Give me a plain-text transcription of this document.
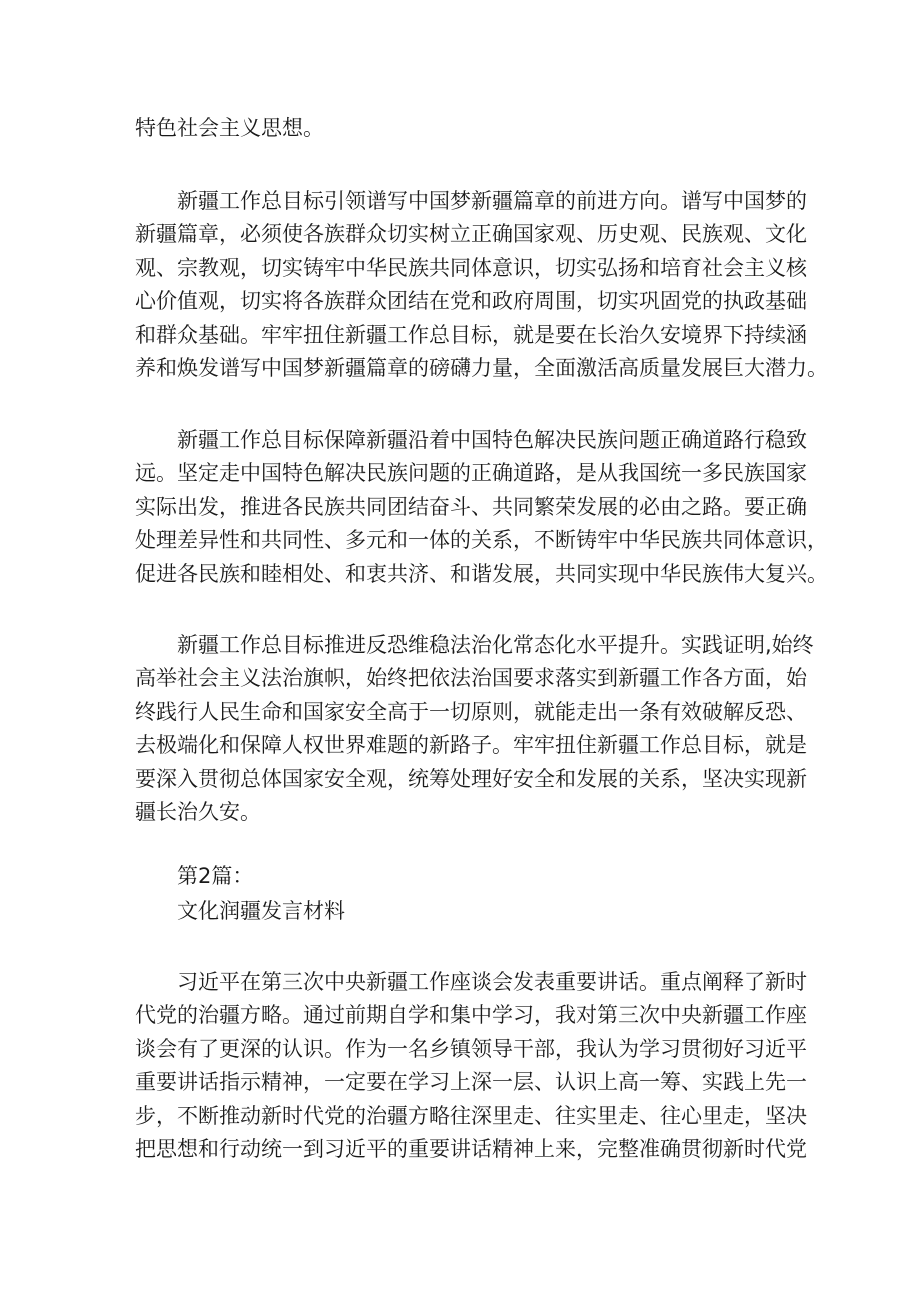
特色社会主义思想。
新疆工作总目标引领谱写中国梦新疆篇章的前进方向。谱写中国梦的
新疆篇章，必须使各族群众切实树立正确国家观、历史观、民族观、文化
观、宗教观，切实铸牢中华民族共同体意识，切实弘扬和培育社会主义核
心价值观，切实将各族群众团结在党和政府周围，切实巩固党的执政基础
和群众基础。牢牢扭住新疆工作总目标，就是要在长治久安境界下持续涵
养和焕发谱写中国梦新疆篇章的磅礴力量，全面激活高质量发展巨大潜力。
新疆工作总目标保障新疆沿着中国特色解决民族问题正确道路行稳致
远。坚定走中国特色解决民族问题的正确道路，是从我国统一多民族国家
实际出发，推进各民族共同团结奋斗、共同繁荣发展的必由之路。要正确
处理差异性和共同性、多元和一体的关系，不断铸牢中华民族共同体意识，
促进各民族和睦相处、和衷共济、和谐发展，共同实现中华民族伟大复兴。
新疆工作总目标推进反恐维稳法治化常态化水平提升。实践证明,始终
高举社会主义法治旗帜，始终把依法治国要求落实到新疆工作各方面，始
终践行人民生命和国家安全高于一切原则，就能走出一条有效破解反恐、
去极端化和保障人权世界难题的新路子。牢牢扭住新疆工作总目标，就是
要深入贯彻总体国家安全观，统筹处理好安全和发展的关系，坚决实现新
疆长治久安。
第2篇：
文化润疆发言材料
习近平在第三次中央新疆工作座谈会发表重要讲话。重点阐释了新时
代党的治疆方略。通过前期自学和集中学习，我对第三次中央新疆工作座
谈会有了更深的认识。作为一名乡镇领导干部，我认为学习贯彻好习近平
重要讲话指示精神，一定要在学习上深一层、认识上高一筹、实践上先一
步，不断推动新时代党的治疆方略往深里走、往实里走、往心里走，坚决
把思想和行动统一到习近平的重要讲话精神上来，完整准确贯彻新时代党
